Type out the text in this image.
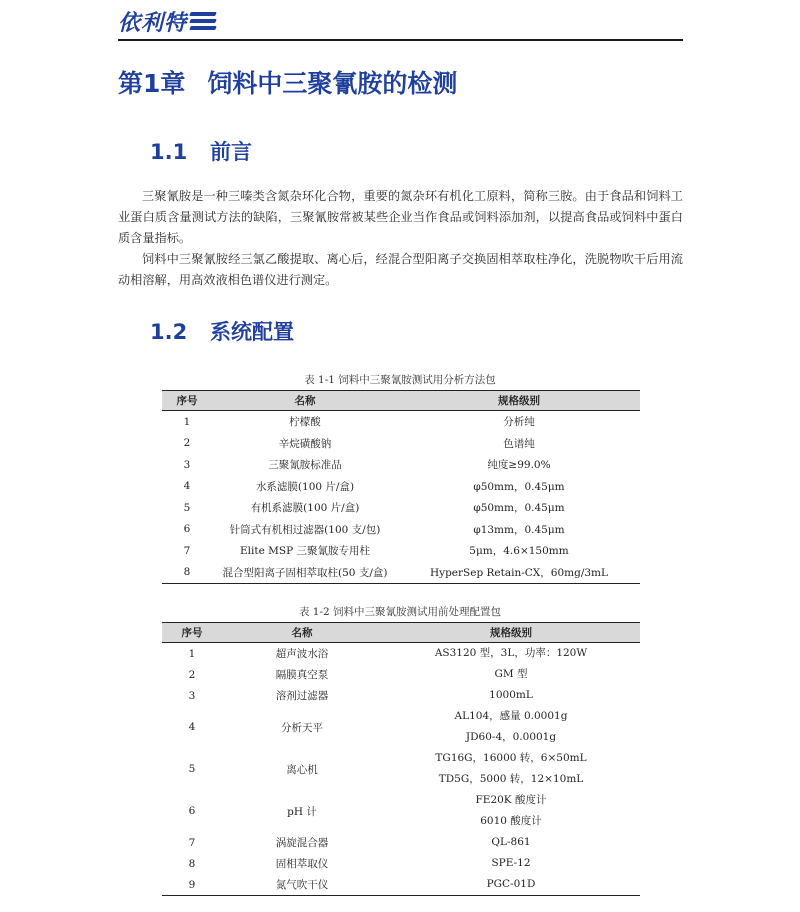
依利特
第1章 饲料中三聚氰胺的检测
1.1 前言

三聚氰胺是一种三嗪类含氮杂环化合物，重要的氮杂环有机化工原料，简称三胺。由于食品和饲料工业蛋白质含量测试方法的缺陷，三聚氰胺常被某些企业当作食品或饲料添加剂，以提高食品或饲料中蛋白质含量指标。

饲料中三聚氰胺经三氯乙酸提取、离心后，经混合型阳离子交换固相萃取柱净化，洗脱物吹干后用流动相溶解，用高效液相色谱仪进行测定。

1.2 系统配置
表 1-1 饲料中三聚氰胺测试用分析方法包
序号	名称	规格级别
1	柠檬酸	分析纯
2	辛烷磺酸钠	色谱纯
3	三聚氰胺标准品	纯度≥99.0%
4	水系滤膜(100 片/盒)	φ50mm，0.45μm
5	有机系滤膜(100 片/盒)	φ50mm，0.45μm
6	针筒式有机相过滤器(100 支/包)	φ13mm，0.45μm
7	Elite MSP 三聚氰胺专用柱	5μm，4.6×150mm
8	混合型阳离子固相萃取柱(50 支/盒)	HyperSep Retain-CX，60mg/3mL
表 1-2 饲料中三聚氰胺测试用前处理配置包
序号	名称	规格级别
1	超声波水浴	AS3120 型，3L，功率：120W

2	隔膜真空泵	GM 型

3	溶剂过滤器	1000mL

4	分析天平	AL104，感量 0.0001g
JD60-4，0.0001g

5	离心机	TG16G，16000 转，6×50mL
TD5G，5000 转，12×10mL

6	pH 计	FE20K 酸度计
6010 酸度计

7	涡旋混合器	QL-861

8	固相萃取仪	SPE-12

9	氮气吹干仪	PGC-01D
